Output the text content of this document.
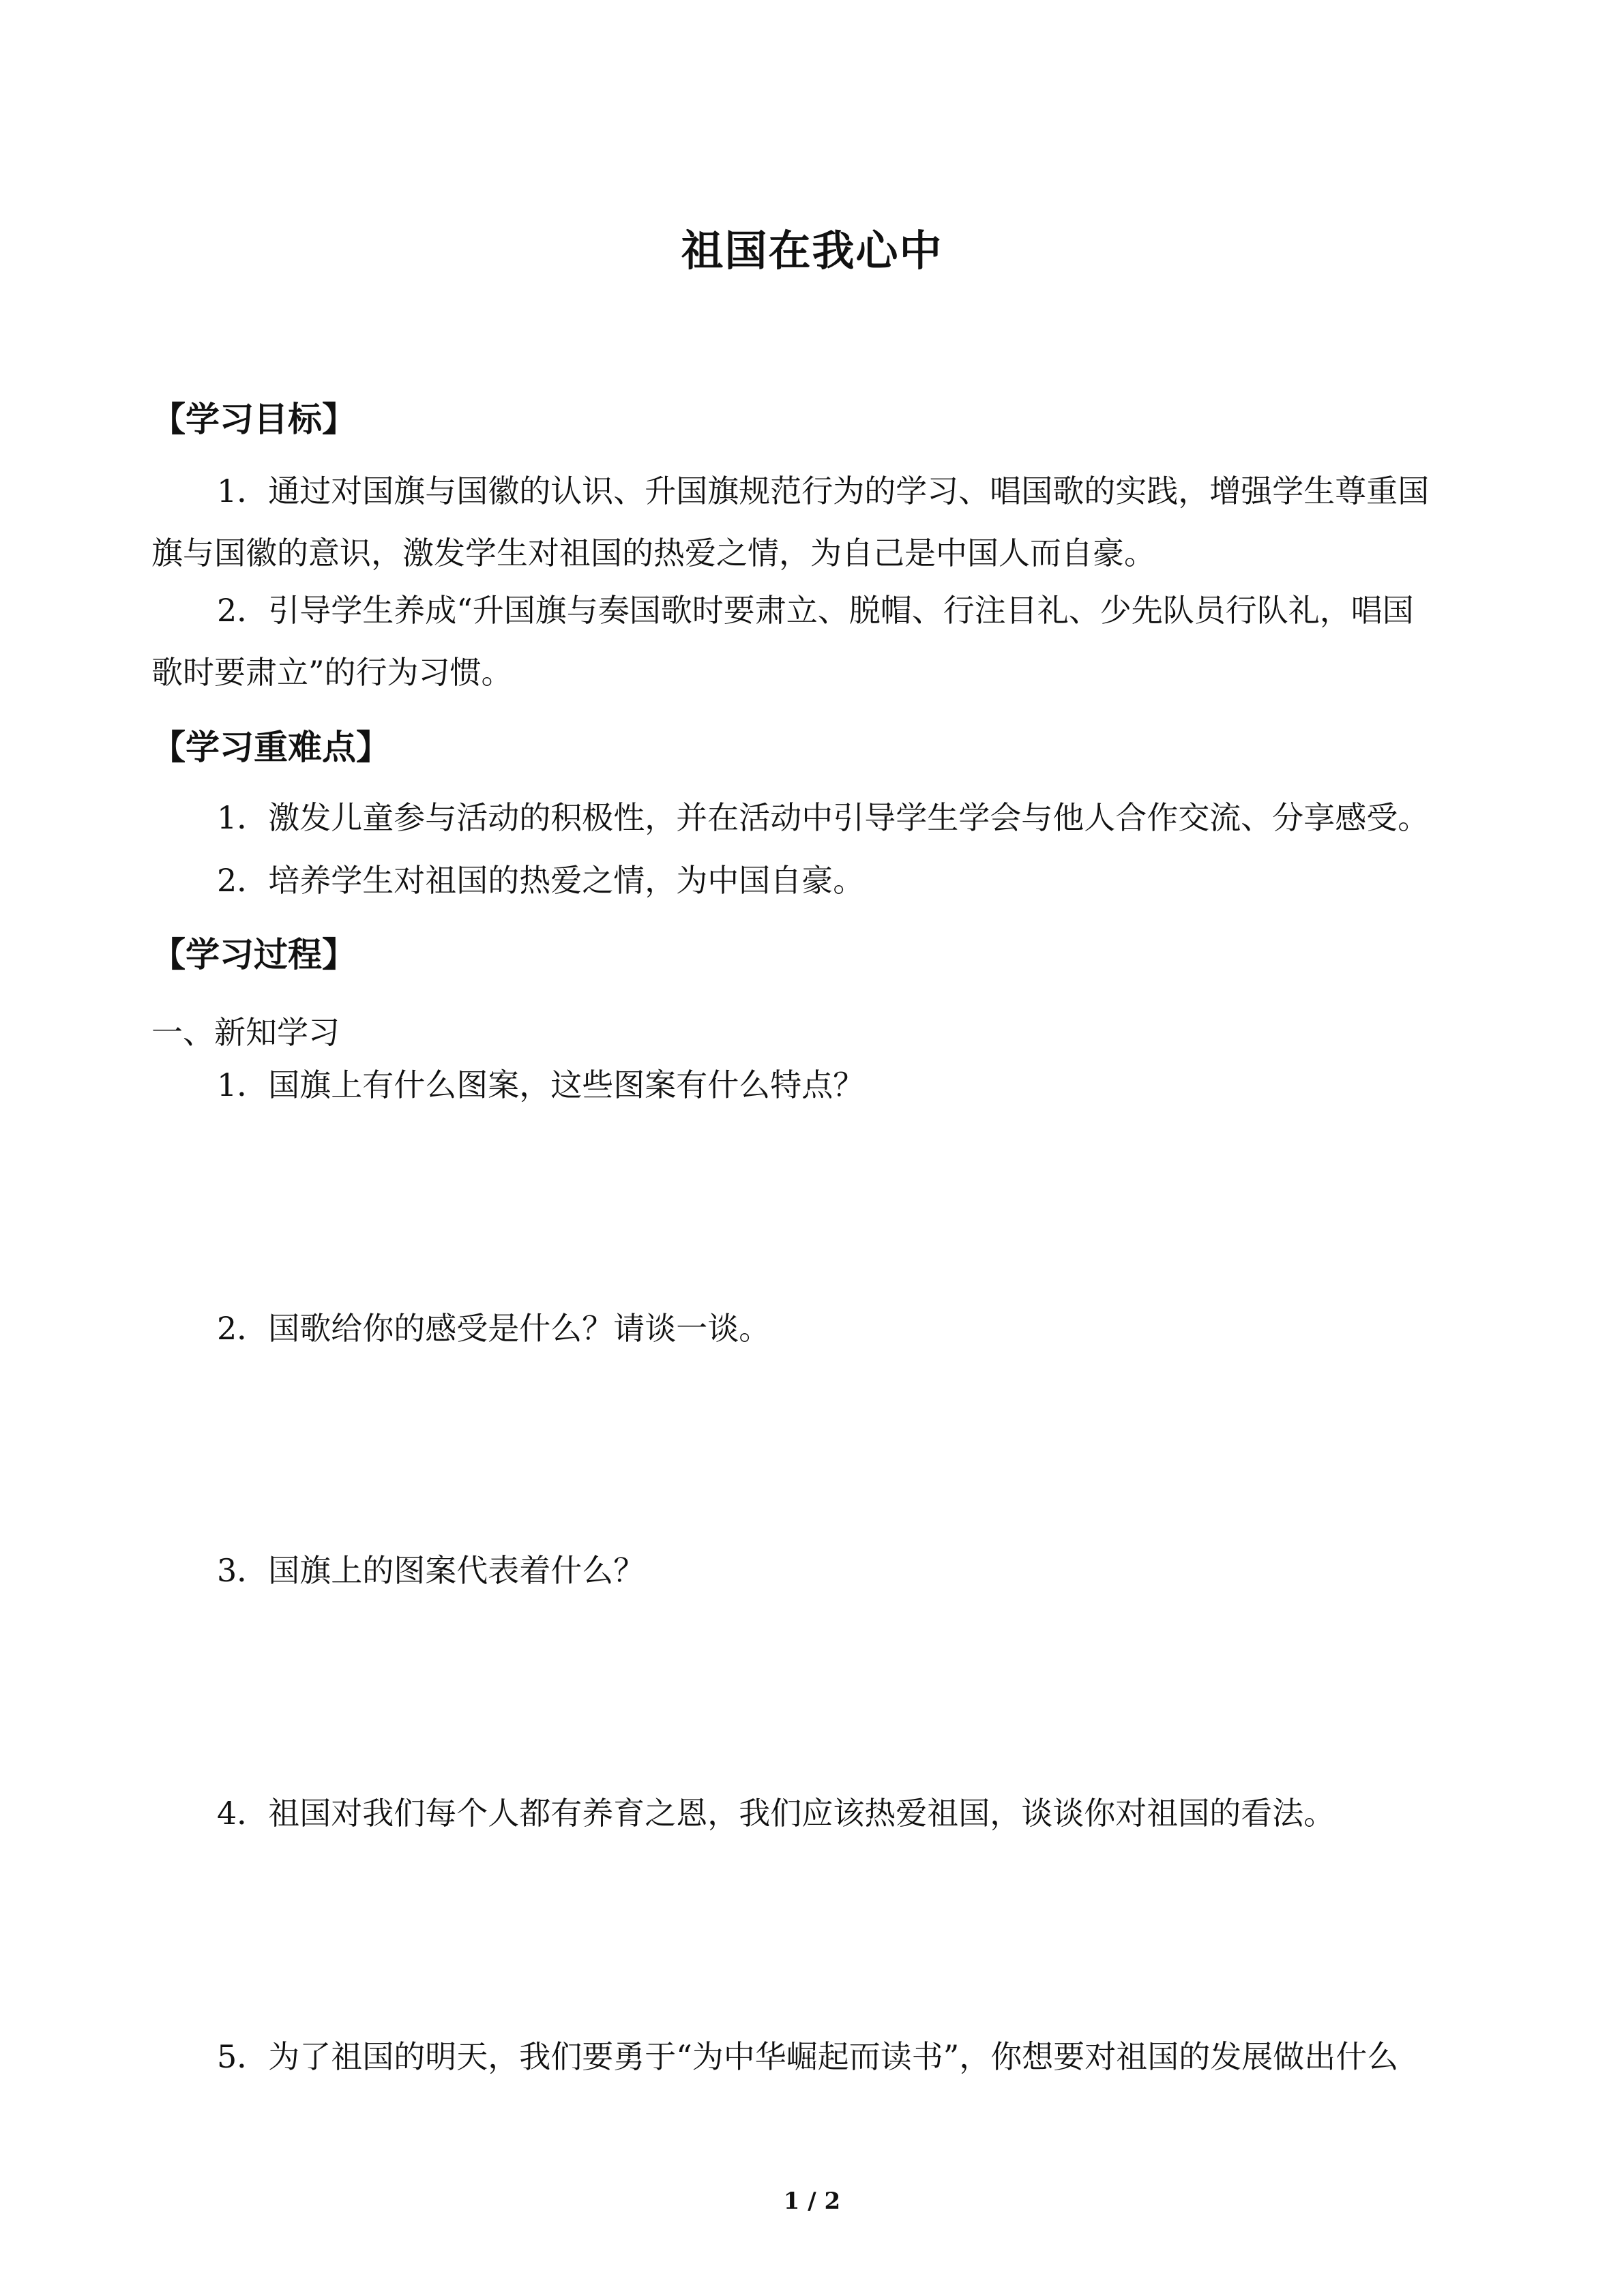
祖国在我心中
【学习目标】
1．通过对国旗与国徽的认识、升国旗规范行为的学习、唱国歌的实践，增强学生尊重国
旗与国徽的意识，激发学生对祖国的热爱之情，为自己是中国人而自豪。
2．引导学生养成“升国旗与奏国歌时要肃立、脱帽、行注目礼、少先队员行队礼，唱国
歌时要肃立”的行为习惯。
【学习重难点】
1．激发儿童参与活动的积极性，并在活动中引导学生学会与他人合作交流、分享感受。
2．培养学生对祖国的热爱之情，为中国自豪。
【学习过程】
一、新知学习
1．国旗上有什么图案，这些图案有什么特点？
2．国歌给你的感受是什么？请谈一谈。
3．国旗上的图案代表着什么？
4．祖国对我们每个人都有养育之恩，我们应该热爱祖国，谈谈你对祖国的看法。
5．为了祖国的明天，我们要勇于“为中华崛起而读书”，你想要对祖国的发展做出什么
1 / 2
